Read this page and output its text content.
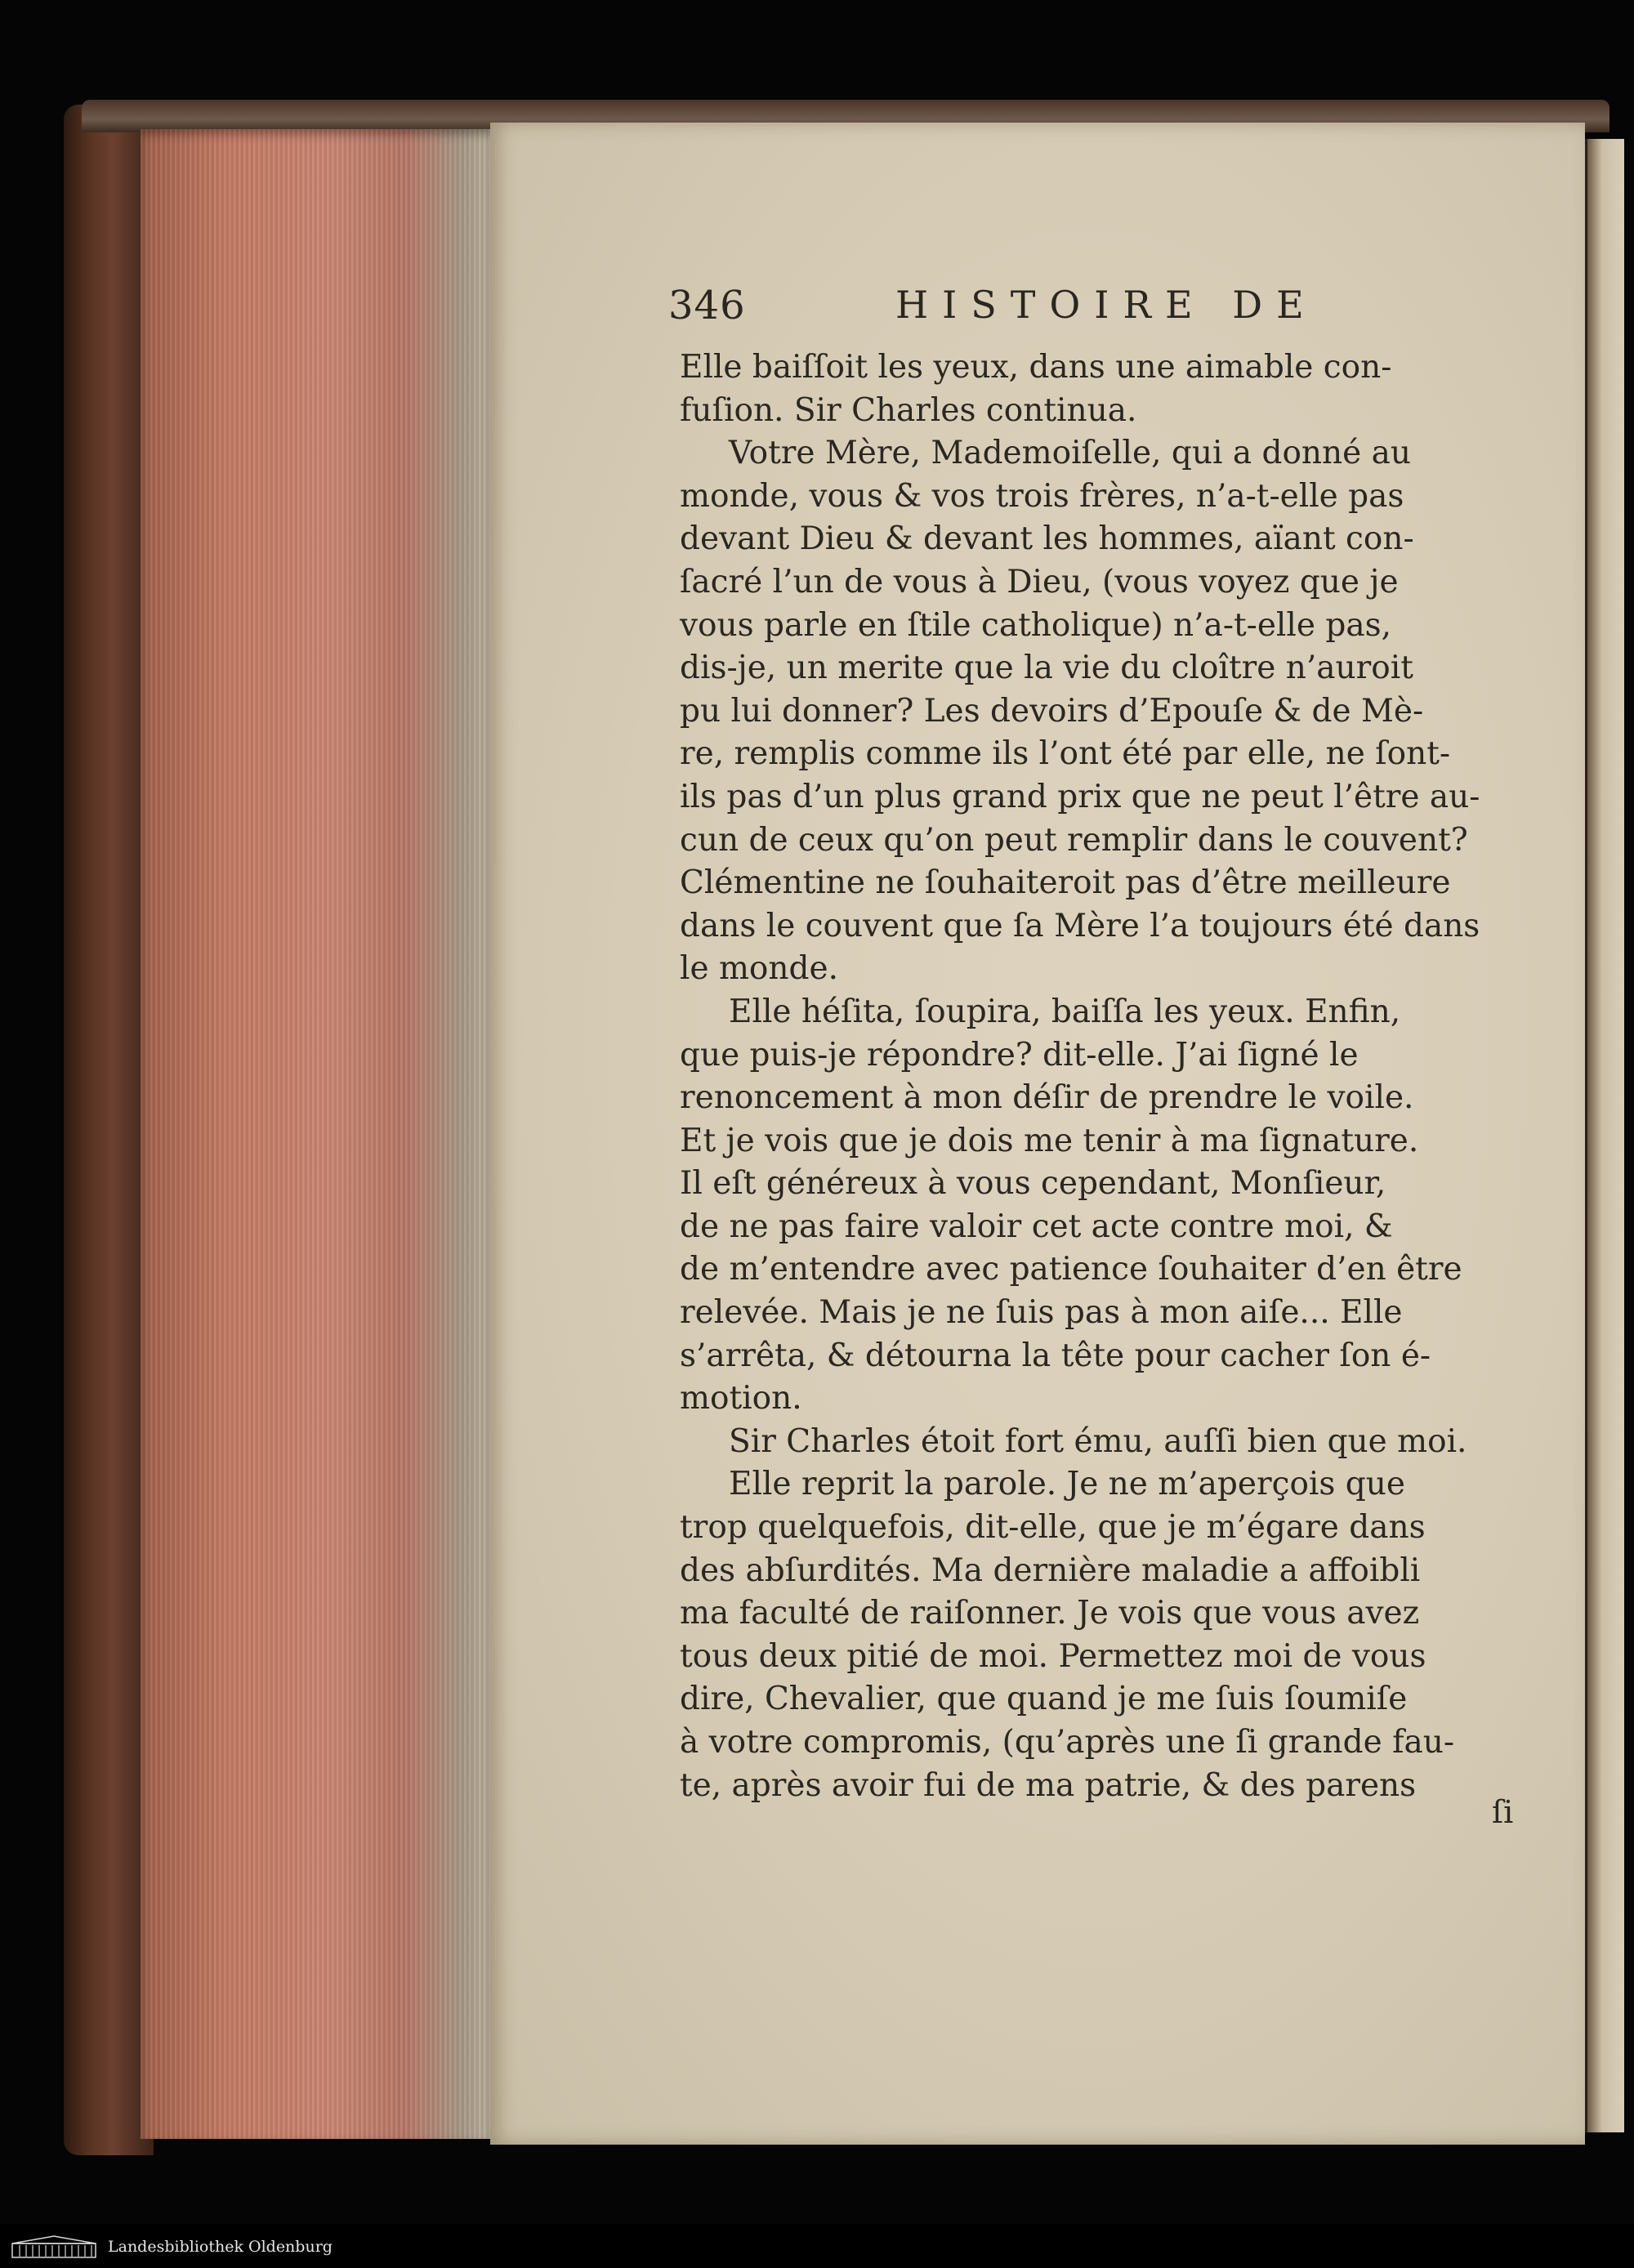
346	HISTOIRE DE
Elle baiſſoit les yeux, dans une aimable con-
fuſion. Sir Charles continua.
Votre Mère, Mademoiſelle, qui a donné au
monde, vous & vos trois frères, n’a-t-elle pas
devant Dieu & devant les hommes, aïant con-
ſacré l’un de vous à Dieu, (vous voyez que je
vous parle en ſtile catholique) n’a-t-elle pas,
dis-je, un merite que la vie du cloître n’auroit
pu lui donner? Les devoirs d’Epouſe & de Mè-
re, remplis comme ils l’ont été par elle, ne ſont-
ils pas d’un plus grand prix que ne peut l’être au-
cun de ceux qu’on peut remplir dans le couvent?
Clémentine ne ſouhaiteroit pas d’être meilleure
dans le couvent que ſa Mère l’a toujours été dans
le monde.
Elle héſita, ſoupira, baiſſa les yeux. Enfin,
que puis-je répondre? dit-elle. J’ai ſigné le
renoncement à mon déſir de prendre le voile.
Et je vois que je dois me tenir à ma ſignature.
Il eſt généreux à vous cependant, Monſieur,
de ne pas faire valoir cet acte contre moi, &
de m’entendre avec patience ſouhaiter d’en être
relevée. Mais je ne ſuis pas à mon aiſe... Elle
s’arrêta, & détourna la tête pour cacher ſon é-
motion.
Sir Charles étoit fort ému, auſſi bien que moi.
Elle reprit la parole. Je ne m’aperçois que
trop quelquefois, dit-elle, que je m’égare dans
des abſurdités. Ma dernière maladie a affoibli
ma faculté de raiſonner. Je vois que vous avez
tous deux pitié de moi. Permettez moi de vous
dire, Chevalier, que quand je me ſuis ſoumiſe
à votre compromis, (qu’après une ſi grande fau-
te, après avoir fui de ma patrie, & des parens
ſi
Landesbibliothek Oldenburg
